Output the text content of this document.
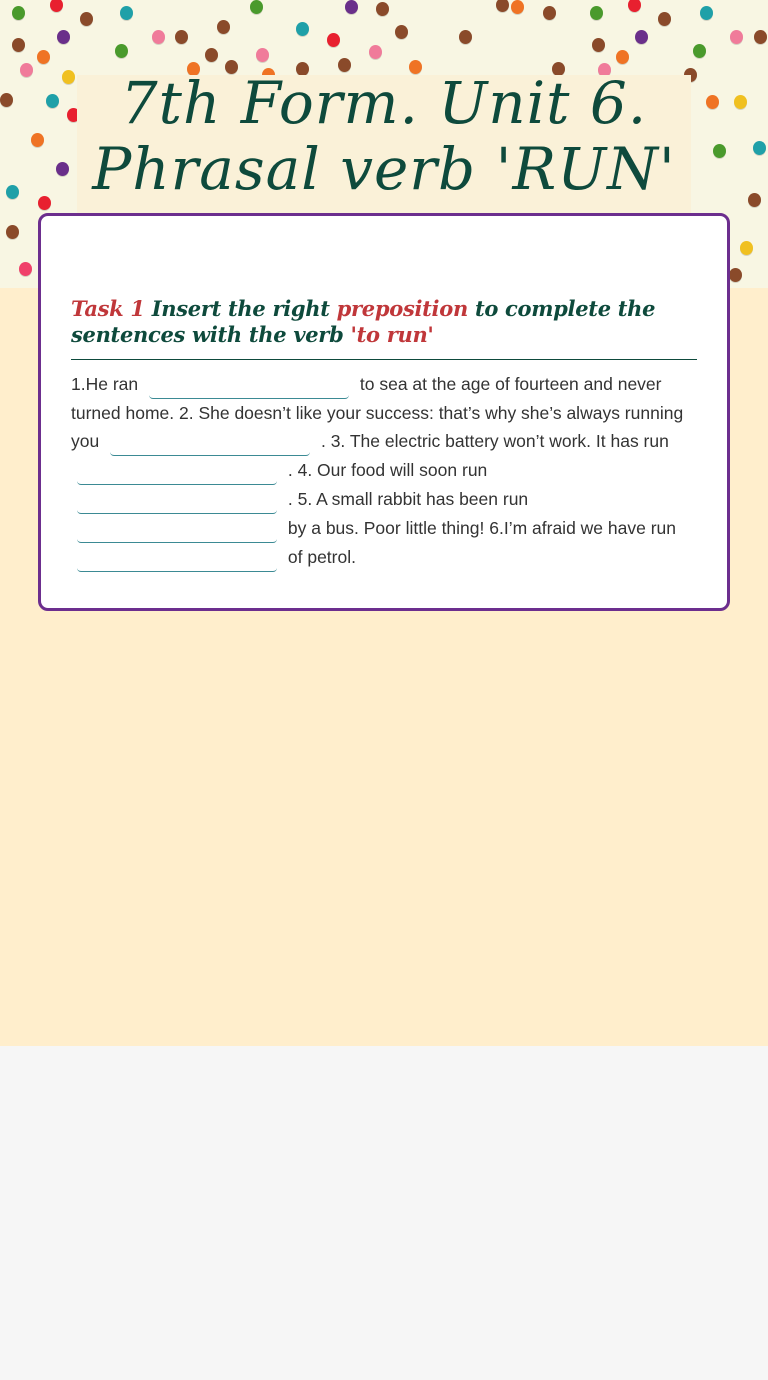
7th Form. Unit 6.
Phrasal verb 'RUN'
Task 1 Insert the right preposition to complete the sentences with the verb 'to run'
1.He ran	to sea at the age of fourteen and never turned home. 2. She doesn’t like your success: that’s why she’s always running you	. 3. The electric battery won’t work. It has run  . 4. Our food will soon run  . 5. A small rabbit has been run  by a bus. Poor little thing! 6.I’m afraid we have run  of petrol.
